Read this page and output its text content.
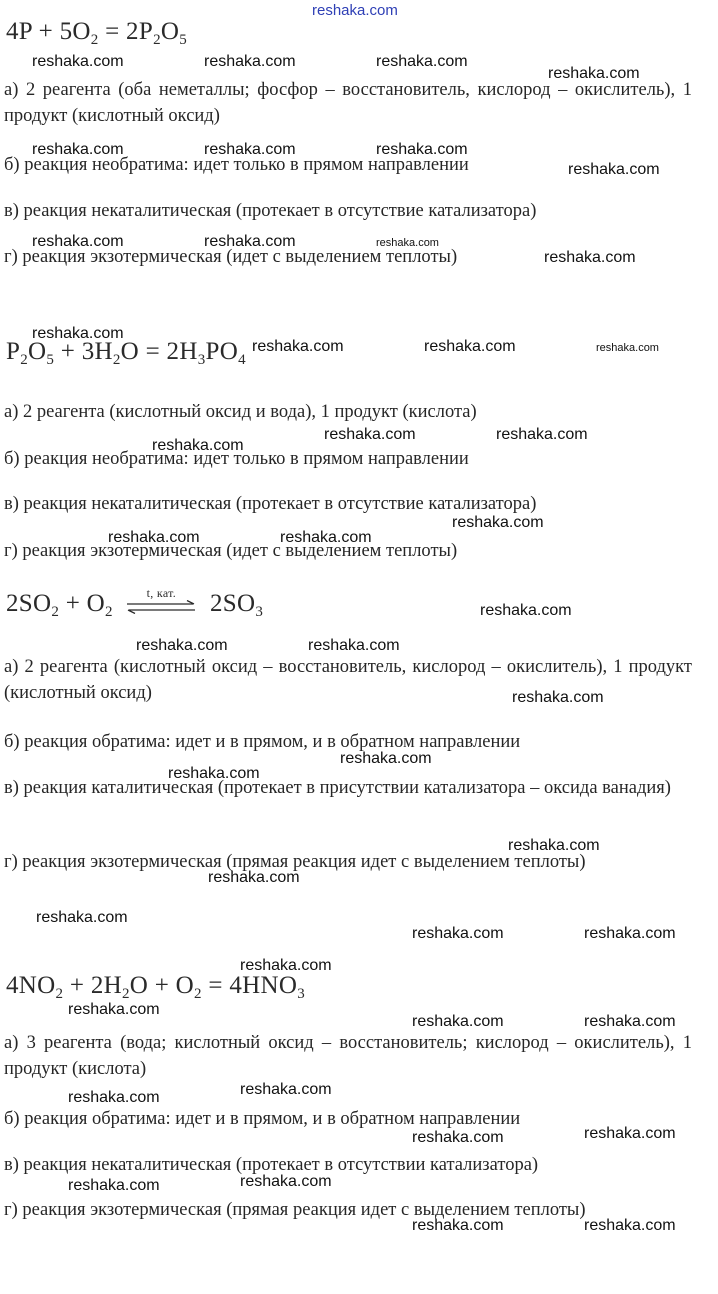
reshaka.com
$4P + 5O_2 = 2P_2O_5$
а) 2 реагента (оба неметаллы; фосфор – восстановитель, кислород – окислитель), 1 продукт (кислотный оксид)
б) реакция необратима: идет только в прямом направлении
в) реакция некаталитическая (протекает в отсутствие катализатора)
г) реакция экзотермическая (идет с выделением теплоты)
$P_2O_5 + 3H_2O = 2H_3PO_4$
а) 2 реагента (кислотный оксид и вода), 1 продукт (кислота)
б) реакция необратима: идет только в прямом направлении
в) реакция некаталитическая (протекает в отсутствие катализатора)
г) реакция экзотермическая (идет с выделением теплоты)
$2SO_2 + O_2$
t, кат.	$2SO_3$
а) 2 реагента (кислотный оксид – восстановитель, кислород – окислитель), 1 продукт (кислотный оксид)
б) реакция обратима: идет и в прямом, и в обратном направлении
в) реакция каталитическая (протекает в присутствии катализатора – оксида ванадия)
г) реакция экзотермическая (прямая реакция идет с выделением теплоты)
$4NO_2 + 2H_2O + O_2 = 4HNO_3$
а) 3 реагента (вода; кислотный оксид – восстановитель; кислород – окислитель), 1 продукт (кислота)
б) реакция обратима: идет и в прямом, и в обратном направлении
в) реакция некаталитическая (протекает в отсутствии катализатора)
г) реакция экзотермическая (прямая реакция идет с выделением теплоты)
reshaka.com	reshaka.com	reshaka.com
reshaka.com
reshaka.com	reshaka.com	reshaka.com
reshaka.com
reshaka.com	reshaka.com	reshaka.com
reshaka.com
reshaka.com
reshaka.com	reshaka.com	reshaka.com
reshaka.com	reshaka.com
reshaka.com
reshaka.com
reshaka.com	reshaka.com
reshaka.com
reshaka.com	reshaka.com
reshaka.com
reshaka.com
reshaka.com
reshaka.com
reshaka.com
reshaka.com
reshaka.com	reshaka.com
reshaka.com
reshaka.com
reshaka.com	reshaka.com
reshaka.com
reshaka.com
reshaka.com	reshaka.com
reshaka.com
reshaka.com
reshaka.com	reshaka.com
